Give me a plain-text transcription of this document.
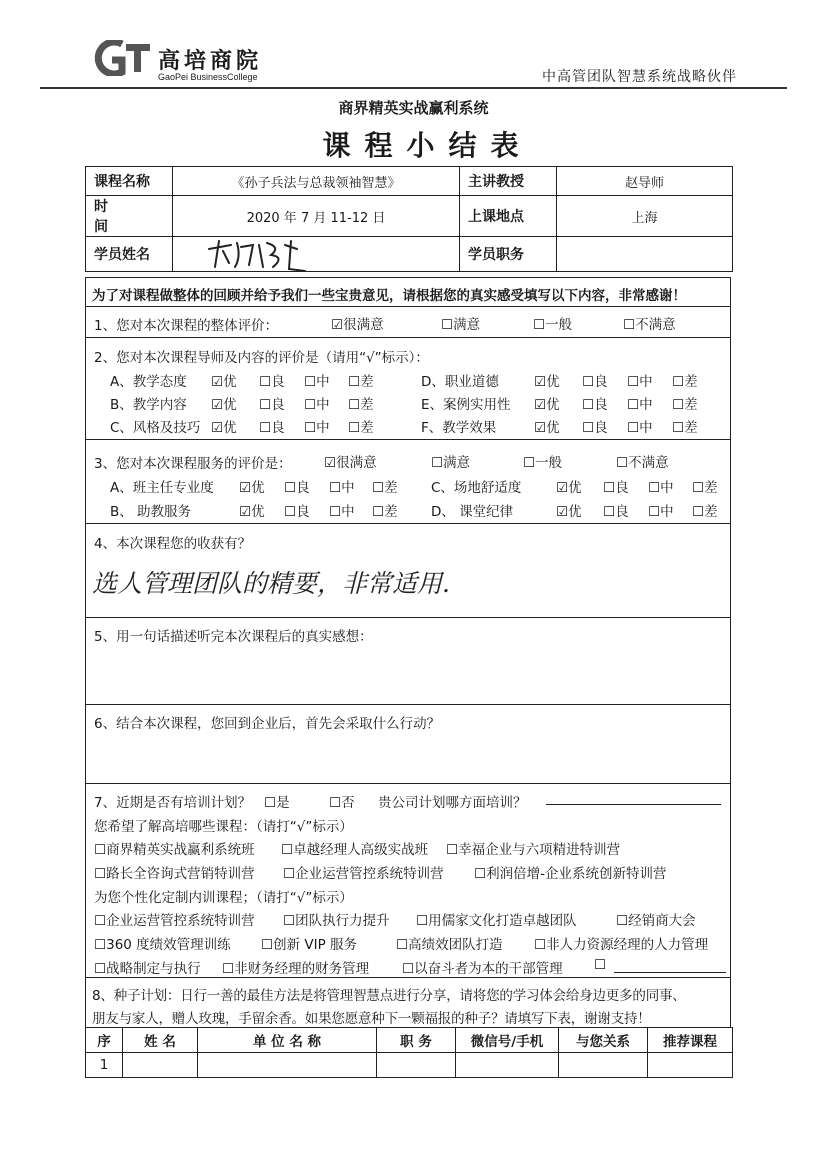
高培商院
GaoPei BusinessCollege	中高管团队智慧系统战略伙伴
商界精英实战赢利系统
课程小结表
课程名称	《孙子兵法与总裁领袖智慧》	主讲教授	赵导师
时间	2020 年 7 月 11-12 日	上课地点	上海
学员姓名		学员职务	
为了对课程做整体的回顾并给予我们一些宝贵意见，请根据您的真实感受填写以下内容，非常感谢！
1、您对本次课程的整体评价：	☑很满意	☐满意	☐一般	☐不满意
2、您对本次课程导师及内容的评价是（请用“√”标示）：
A、教学态度 ☑优 ☐良 ☐中 ☐差	D、职业道德	☑优 ☐良 ☐中 ☐差
B、教学内容 ☑优 ☐良 ☐中 ☐差	E、案例实用性 ☑优 ☐良 ☐中 ☐差
C、风格及技巧 ☑优 ☐良 ☐中 ☐差	F、教学效果	☑优 ☐良 ☐中 ☐差
3、您对本次课程服务的评价是： ☑很满意	☐满意	☐一般	☐不满意
A、班主任专业度 ☑优 ☐良 ☐中 ☐差 C、场地舒适度	☑优 ☐良 ☐中 ☐差
B、 助教服务	☑优 ☐良 ☐中 ☐差 D、 课堂纪律	☑优 ☐良 ☐中 ☐差
4、本次课程您的收获有？
选人管理团队的精要，非常适用.
5、用一句话描述听完本次课程后的真实感想：
6、结合本次课程，您回到企业后，首先会采取什么行动？
7、近期是否有培训计划？ ☐是	☐否 贵公司计划哪方面培训？
您希望了解高培哪些课程：（请打“√”标示）
☐商界精英实战赢利系统班
☐路长全咨询式营销特训营
☐卓越经理人高级实战班
☐企业运营管控系统特训营
☐幸福企业与六项精进特训营
☐利润倍增-企业系统创新特训营
为您个性化定制内训课程；（请打“√”标示）
☐企业运营管控系统特训营 ☐团队执行力提升 ☐用儒家文化打造卓越团队	☐经销商大会
☐360 度绩效管理训练 ☐创新 VIP 服务	☐高绩效团队打造 ☐非人力资源经理的人力管理
☐战略制定与执行 ☐非财务经理的财务管理 ☐以奋斗者为本的干部管理 ☐
8、种子计划：日行一善的最佳方法是将管理智慧点进行分享，请将您的学习体会给身边更多的同事、
朋友与家人，赠人玫瑰，手留余香。如果您愿意种下一颗福报的种子？请填写下表，谢谢支持！
序	姓 名	单 位 名 称	职 务	微信号/手机	与您关系	推荐课程
1						
